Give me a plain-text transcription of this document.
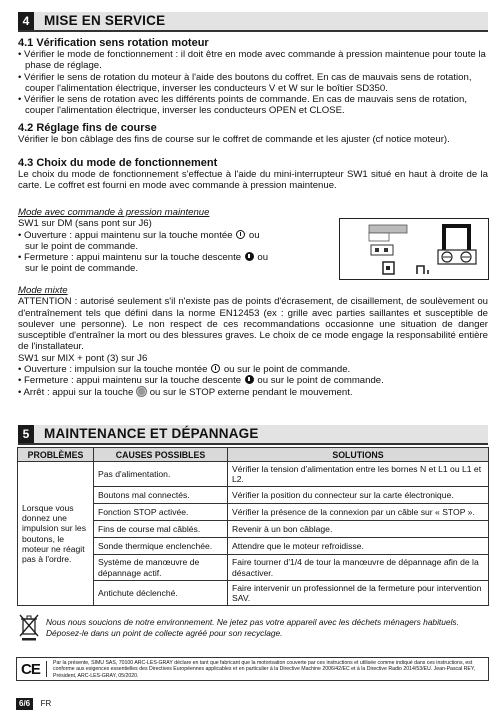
4	MISE EN SERVICE
4.1 Vérification sens rotation moteur
• Vérifier le mode de fonctionnement : il doit être en mode avec commande à pression maintenue pour toute la phase de réglage.
• Vérifier le sens de rotation du moteur à l'aide des boutons du coffret. En cas de mauvais sens de rotation, couper l'alimentation électrique, inverser les conducteurs V et W sur le boîtier SD350.
• Vérifier le sens de rotation avec les différents points de commande. En cas de mauvais sens de rotation, couper l'alimentation électrique, inverser les conducteurs OPEN et CLOSE.
4.2 Réglage fins de course
Vérifier le bon câblage des fins de course sur le coffret de commande et les ajuster (cf notice moteur).
4.3 Choix du mode de fonctionnement
Le choix du mode de fonctionnement s'effectue à l'aide du mini-interrupteur SW1 situé en haut à droite de la carte. Le coffret est fourni en mode avec commande à pression maintenue.
Mode avec commande à pression maintenue
SW1 sur DM (sans pont sur J6)
• Ouverture : appui maintenu sur la touche montée ou
sur le point de commande.
• Fermeture : appui maintenu sur la touche descente ou
sur le point de commande.
Mode mixte
ATTENTION : autorisé seulement s'il n'existe pas de points d'écrasement, de cisaillement, de soulèvement ou d'entraînement tels que défini dans la norme EN12453 (ex : grille avec parties saillantes et susceptible de soulever une personne). Le non respect de ces recommandations occasionne une situation de danger susceptible d'entraîner la mort ou des blessures graves. Le choix de ce mode engage la responsabilité entière de l'installateur.
SW1 sur MIX + pont (3) sur J6
• Ouverture : impulsion sur la touche montée ou sur le point de commande.
• Fermeture : appui maintenu sur la touche descente ou sur le point de commande.
• Arrêt : appui sur la touche ou sur le STOP externe pendant le mouvement.
5	MAINTENANCE ET DÉPANNAGE
PROBLÈMES	CAUSES POSSIBLES	SOLUTIONS
Lorsque vous donnez une impulsion sur les boutons, le moteur ne réagit pas à l'ordre.	Pas d'alimentation.	Vérifier la tension d'alimentation entre les bornes N et L1 ou L1 et L2.
	Boutons mal connectés.	Vérifier la position du connecteur sur la carte électronique.
	Fonction STOP activée.	Vérifier la présence de la connexion par un câble sur « STOP ».
	Fins de course mal câblés.	Revenir à un bon câblage.
	Sonde thermique enclenchée.	Attendre que le moteur refroidisse.
	Système de manœuvre de dépannage actif.	Faire tourner d'1/4 de tour la manœuvre de dépannage afin de la désactiver.
	Antichute déclenché.	Faire intervenir un professionnel de la fermeture pour intervention SAV.
Nous nous soucions de notre environnement. Ne jetez pas votre appareil avec les déchets ménagers habituels.
Déposez-le dans un point de collecte agréé pour son recyclage.
CE	Par la présente, SIMU SAS, 70100 ARC-LES-GRAY déclare en tant que fabricant que la motorisation couverte par ces instructions et utilisée comme indiqué dans ces instructions, est conforme aux exigences essentielles des Directives Européennes applicables et en particulier à la Directive Machine 2006/42/EC et à la Directive Radio 2014/53/EU. Jean-Pascal REY, Président, ARC-LES-GRAY, 05/2020.
6/6 FR
